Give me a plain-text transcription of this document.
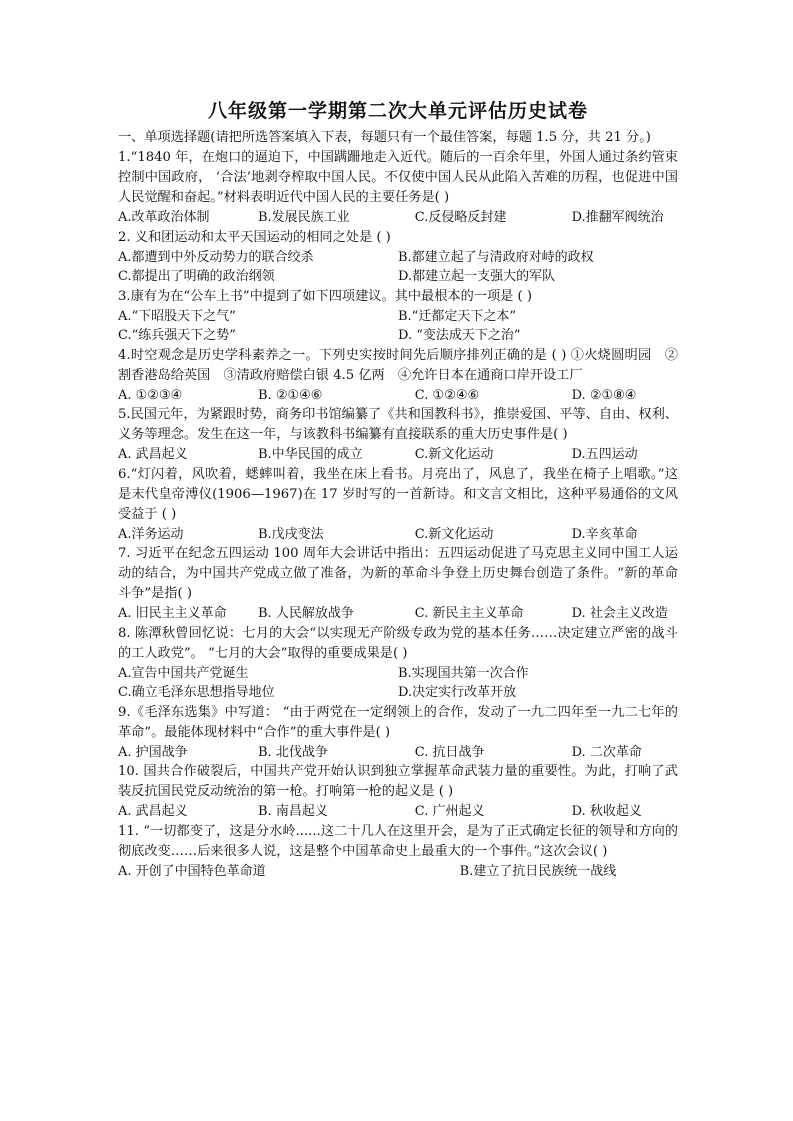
八年级第一学期第二次大单元评估历史试卷

一、单项选择题(请把所选答案填入下表，每题只有一个最佳答案，每题 1.5 分，共 21 分。)

1.“1840 年，在炮口的逼迫下，中国蹒跚地走入近代。随后的一百余年里，外国人通过条约管束控制中国政府， ‘合法’地剥夺榨取中国人民。不仅使中国人民从此陷入苦难的历程，也促进中国人民觉醒和奋起。”材料表明近代中国人民的主要任务是( )

A.改革政治体制	B.发展民族工业	C.反侵略反封建	D.推翻军阀统治

2. 义和团运动和太平天国运动的相同之处是 ( )

A.都遭到中外反动势力的联合绞杀	B.都建立起了与清政府对峙的政权
C.都提出了明确的政治纲领	D.都建立起一支强大的军队

3.康有为在“公车上书”中提到了如下四项建议。其中最根本的一项是 ( )

A.“下昭股天下之气”	B.“迁都定天下之本”
C.“练兵强天下之势”	D. “变法成天下之治”

4.时空观念是历史学科素养之一。下列史实按时间先后顺序排列正确的是 ( ) ①火烧圆明园　②割香港岛给英国　③清政府赔偿白银 4.5 亿两　④允许日本在通商口岸开设工厂

A. ①②③④	B. ②①④⑥	C. ①②④⑥	D. ②①⑧④

5.民国元年，为紧跟时势，商务印书馆编纂了《共和国教科书》，推崇爱国、平等、自由、权利、义务等理念。发生在这一年，与该教科书编纂有直接联系的重大历史事件是( )

A. 武昌起义	B.中华民国的成立	C.新文化运动	D.五四运动

6.“灯闪着，风吹着，蟋蟀叫着，我坐在床上看书。月亮出了，风息了，我坐在椅子上唱歌。”这是末代皇帝溥仪(1906—1967)在 17 岁时写的一首新诗。和文言文相比，这种平易通俗的文风受益于 ( )

A.洋务运动	B.戊戌变法	C.新文化运动	D.辛亥革命

7. 习近平在纪念五四运动 100 周年大会讲话中指出：五四运动促进了马克思主义同中国工人运动的结合，为中国共产党成立做了准备，为新的革命斗争登上历史舞台创造了条件。“新的革命斗争”是指( )

A. 旧民主主义革命	B. 人民解放战争	C. 新民主主义革命	D. 社会主义改造

8. 陈潭秋曾回忆说：七月的大会“以实现无产阶级专政为党的基本任务……决定建立严密的战斗的工人政党”。 “七月的大会”取得的重要成果是( )

A.宣告中国共产党诞生	B.实现国共第一次合作
C.确立毛泽东思想指导地位	D.决定实行改革开放

9.《毛泽东选集》中写道： “由于两党在一定纲领上的合作，发动了一九二四年至一九二七年的革命”。最能体现材料中“合作”的重大事件是( )

A. 护国战争	B. 北伐战争	C. 抗日战争	D. 二次革命

10. 国共合作破裂后，中国共产党开始认识到独立掌握革命武装力量的重要性。为此，打响了武装反抗国民党反动统治的第一枪。打响第一枪的起义是 ( )

A. 武昌起义	B. 南昌起义	C. 广州起义	D. 秋收起义

11. “一切都变了，这是分水岭......这二十几人在这里开会，是为了正式确定长征的领导和方向的彻底改变……后来很多人说，这是整个中国革命史上最重大的一个事件。”这次会议( )

A. 开创了中国特色革命道	B.建立了抗日民族统一战线
